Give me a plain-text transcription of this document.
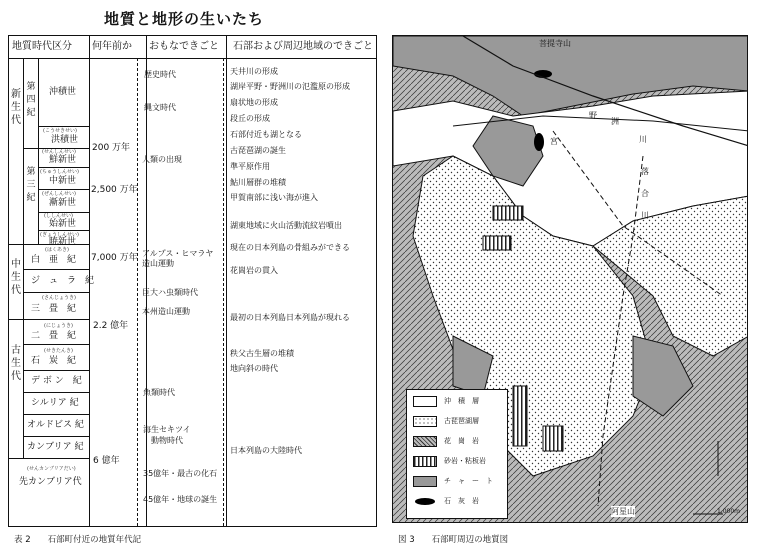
地質と地形の生いたち
地質時代区分 何年前か おもなできごと 石部および周辺地域のできごと
新
生
代
中
生
代
古
生
代
第
四
紀
第
三
紀
沖積世
(こうせきせい)
洪積世
(せんしんせい)
鮮新世
(ちゅうしんせい)
中新世
(ぜんしんせい)
漸新世
(ししんせい)
始新世
(ぎょうしんせい)
暁新世
(はくあき)
白　亜　紀
ジ　ュ　ラ　紀
(さんじょうき)
三　畳　紀
(にじょうき)
二　畳　紀
(せきたんき)
石　炭　紀
デ ボ ン　紀
シルリア 紀
オルドビス 紀
カンブリア 紀
(せんカンブリアだい)
先カンブリア代
200 万年
2,500 万年
7,000 万年
2.2 億年
6 億年
歴史時代
縄文時代
人類の出現
アルプス・ヒマラヤ
造山運動
巨大ハ虫類時代
本州造山運動
魚類時代
海生セキツイ
動物時代
35億年・最古の化石
45億年・地球の誕生
天井川の形成
湖岸平野・野洲川の氾濫原の形成
扇状地の形成
段丘の形成
石部付近も湖となる
古琵琶湖の誕生
準平原作用
鮎川層群の堆積
甲賀南部に浅い海が進入
湖東地域に火山活動流紋岩噴出
現在の日本列島の骨組みができる
花崗岩の貫入
最初の日本列島日本列島が現れる
秩父古生層の堆積
地向斜の時代
日本列島の大陸時代
表 2　　石部町付近の地質年代記
菩提寺山
野
洲
川
落
合
川
宮
阿星山	1,000m
沖　積　層
古琵琶湖層
花　崗　岩
砂岩・粘板岩
チ　ャ　ー　ト
石　灰　岩
図 3　　石部町周辺の地質図
